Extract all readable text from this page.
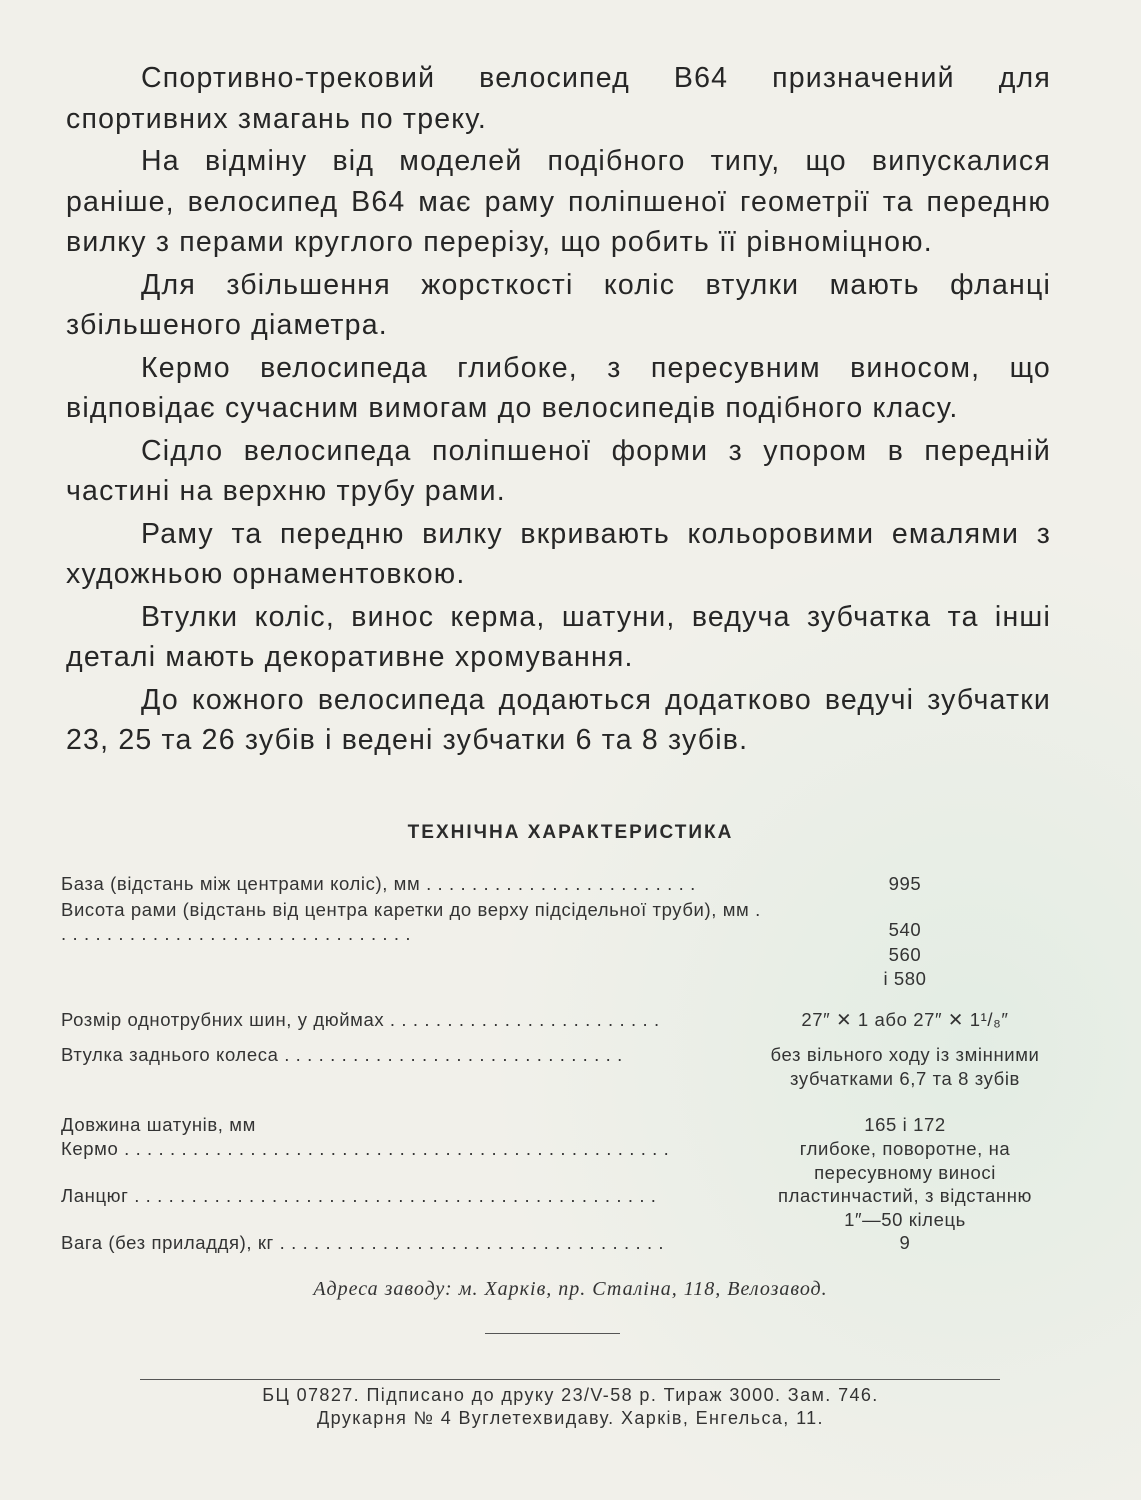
Спортивно-трековий велосипед В64 призначений для спортивних змагань по треку.

На відміну від моделей подібного типу, що випускалися раніше, велосипед В64 має раму поліпшеної геометрії та передню вилку з перами круглого перерізу, що робить її рівноміцною.

Для збільшення жорсткості коліс втулки мають фланці збільшеного діаметра.

Кермо велосипеда глибоке, з пересувним виносом, що відповідає сучасним вимогам до велосипедів подібного класу.

Сідло велосипеда поліпшеної форми з упором в передній частині на верхню трубу рами.

Раму та передню вилку вкривають кольоровими емалями з художньою орнаментовкою.

Втулки коліс, винос керма, шатуни, ведуча зубчатка та інші деталі мають декоративне хромування.

До кожного велосипеда додаються додатково ведучі зубчатки 23, 25 та 26 зубів і ведені зубчатки 6 та 8 зубів.

ТЕХНІЧНА ХАРАКТЕРИСТИКА
База (відстань між центрами коліс), мм . . . . . . . . . . . . . . . . . . . . . . . .	995
Висота рами (відстань від центра каретки до верху підсідельної труби), мм . . . . . . . . . . . . . . . . . . . . . . . . . . . . . . . .	540
560
і 580
Розмір однотрубних шин, у дюймах . . . . . . . . . . . . . . . . . . . . . . . .	27″ ✕ 1 або 27″ ✕ 1¹/₈″
Втулка заднього колеса . . . . . . . . . . . . . . . . . . . . . . . . . . . . . .	без вільного ходу із змінними зубчатками 6,7 та 8 зубів
Довжина шатунів, мм	165 і 172
Кермо . . . . . . . . . . . . . . . . . . . . . . . . . . . . . . . . . . . . . . . . . . . . . . . .	глибоке, поворотне, на пересувному виносі
Ланцюг . . . . . . . . . . . . . . . . . . . . . . . . . . . . . . . . . . . . . . . . . . . . . .	пластинчастий, з відстанню 1″—50 кілець
Вага (без приладдя), кг . . . . . . . . . . . . . . . . . . . . . . . . . . . . . . . . . .	9
Адреса заводу: м. Харків, пр. Сталіна, 118, Велозавод.
БЦ 07827. Підписано до друку 23/V-58 р. Тираж 3000. Зам. 746.
Друкарня № 4 Вуглетехвидаву. Харків, Енгельса, 11.
